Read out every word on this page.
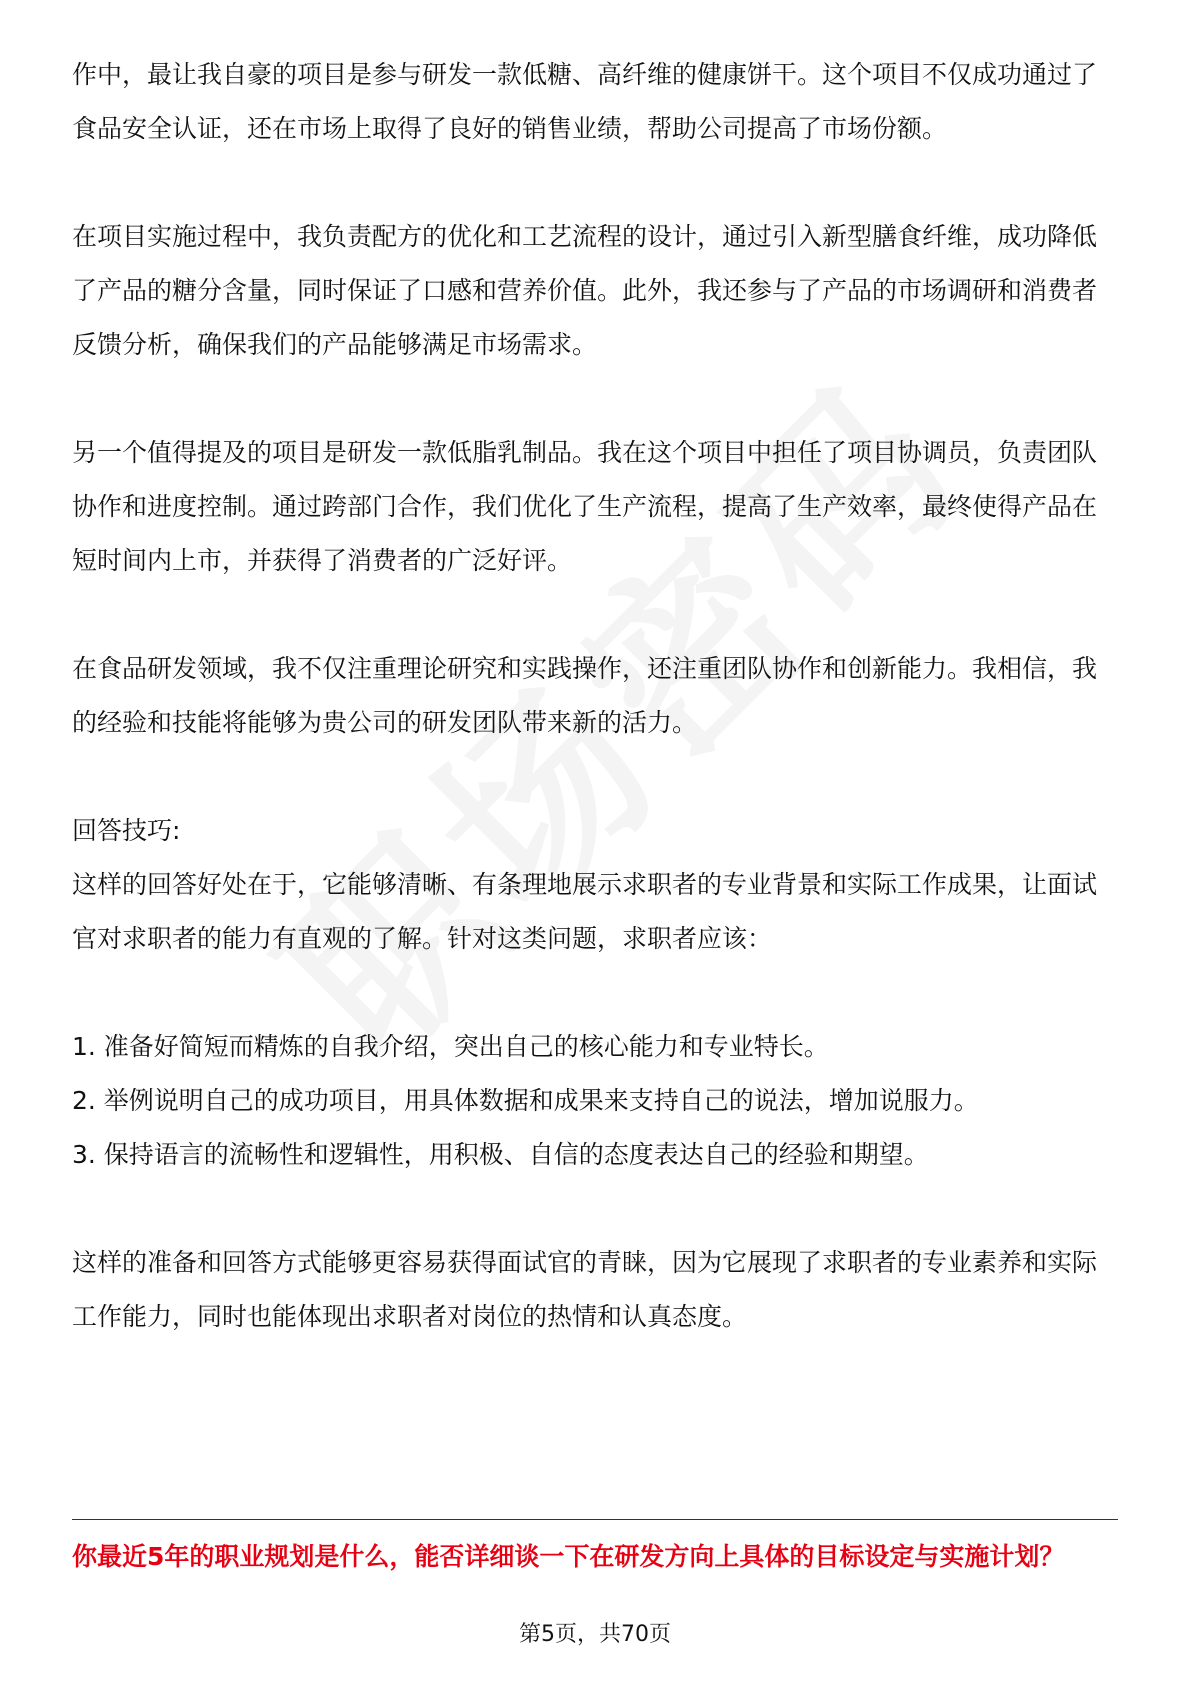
作中，最让我自豪的项目是参与研发一款低糖、高纤维的健康饼干。这个项目不仅成功通过了食品安全认证，还在市场上取得了良好的销售业绩，帮助公司提高了市场份额。

在项目实施过程中，我负责配方的优化和工艺流程的设计，通过引入新型膳食纤维，成功降低了产品的糖分含量，同时保证了口感和营养价值。此外，我还参与了产品的市场调研和消费者反馈分析，确保我们的产品能够满足市场需求。

另一个值得提及的项目是研发一款低脂乳制品。我在这个项目中担任了项目协调员，负责团队协作和进度控制。通过跨部门合作，我们优化了生产流程，提高了生产效率，最终使得产品在短时间内上市，并获得了消费者的广泛好评。

在食品研发领域，我不仅注重理论研究和实践操作，还注重团队协作和创新能力。我相信，我的经验和技能将能够为贵公司的研发团队带来新的活力。

回答技巧:

这样的回答好处在于，它能够清晰、有条理地展示求职者的专业背景和实际工作成果，让面试官对求职者的能力有直观的了解。针对这类问题，求职者应该：

1. 准备好简短而精炼的自我介绍，突出自己的核心能力和专业特长。
2. 举例说明自己的成功项目，用具体数据和成果来支持自己的说法，增加说服力。
3. 保持语言的流畅性和逻辑性，用积极、自信的态度表达自己的经验和期望。

这样的准备和回答方式能够更容易获得面试官的青睐，因为它展现了求职者的专业素养和实际工作能力，同时也能体现出求职者对岗位的热情和认真态度。

你最近5年的职业规划是什么，能否详细谈一下在研发方向上具体的目标设定与实施计划？

第5页，共70页
